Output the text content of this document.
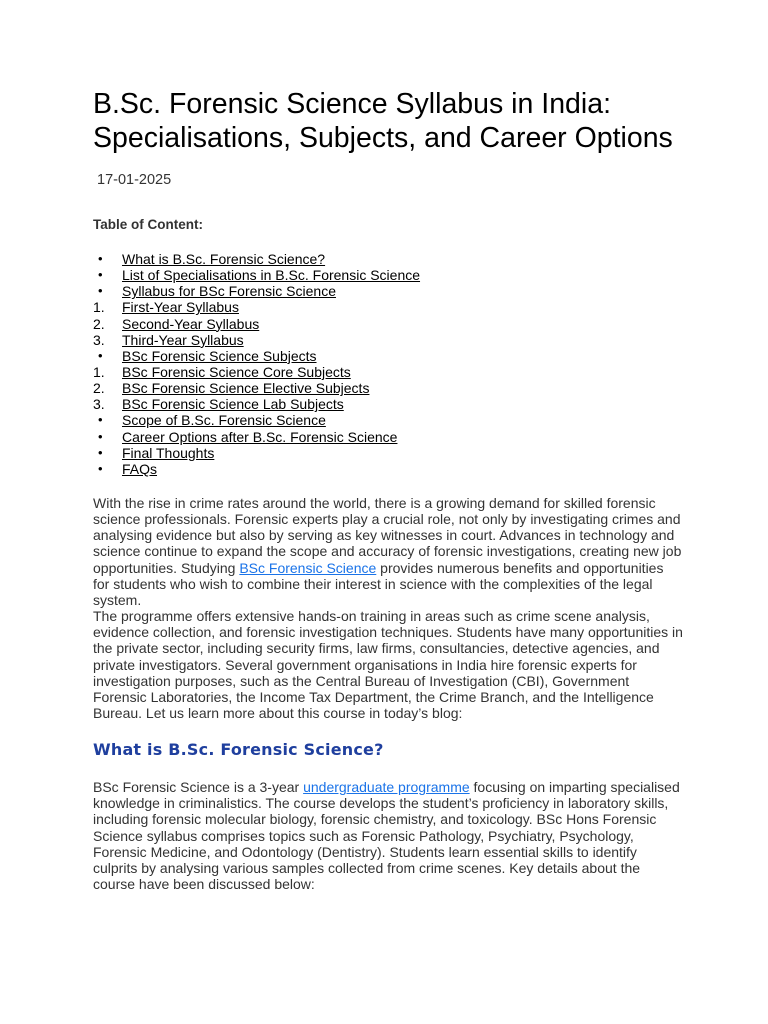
B.Sc. Forensic Science Syllabus in India: Specialisations, Subjects, and Career Options
17-01-2025
Table of Content:
•	What is B.Sc. Forensic Science?
•	List of Specialisations in B.Sc. Forensic Science
•	Syllabus for BSc Forensic Science
1.	First-Year Syllabus
2.	Second-Year Syllabus
3.	Third-Year Syllabus
•	BSc Forensic Science Subjects
1.	BSc Forensic Science Core Subjects
2.	BSc Forensic Science Elective Subjects
3.	BSc Forensic Science Lab Subjects
•	Scope of B.Sc. Forensic Science
•	Career Options after B.Sc. Forensic Science
•	Final Thoughts
•	FAQs

With the rise in crime rates around the world, there is a growing demand for skilled forensic science professionals. Forensic experts play a crucial role, not only by investigating crimes and analysing evidence but also by serving as key witnesses in court. Advances in technology and science continue to expand the scope and accuracy of forensic investigations, creating new job opportunities. Studying BSc Forensic Science provides numerous benefits and opportunities for students who wish to combine their interest in science with the complexities of the legal system.

The programme offers extensive hands-on training in areas such as crime scene analysis, evidence collection, and forensic investigation techniques. Students have many opportunities in the private sector, including security firms, law firms, consultancies, detective agencies, and private investigators. Several government organisations in India hire forensic experts for investigation purposes, such as the Central Bureau of Investigation (CBI), Government Forensic Laboratories, the Income Tax Department, the Crime Branch, and the Intelligence Bureau. Let us learn more about this course in today’s blog:

What is B.Sc. Forensic Science?

BSc Forensic Science is a 3-year undergraduate programme focusing on imparting specialised knowledge in criminalistics. The course develops the student’s proficiency in laboratory skills, including forensic molecular biology, forensic chemistry, and toxicology. BSc Hons Forensic Science syllabus comprises topics such as Forensic Pathology, Psychiatry, Psychology, Forensic Medicine, and Odontology (Dentistry). Students learn essential skills to identify culprits by analysing various samples collected from crime scenes. Key details about the course have been discussed below:
